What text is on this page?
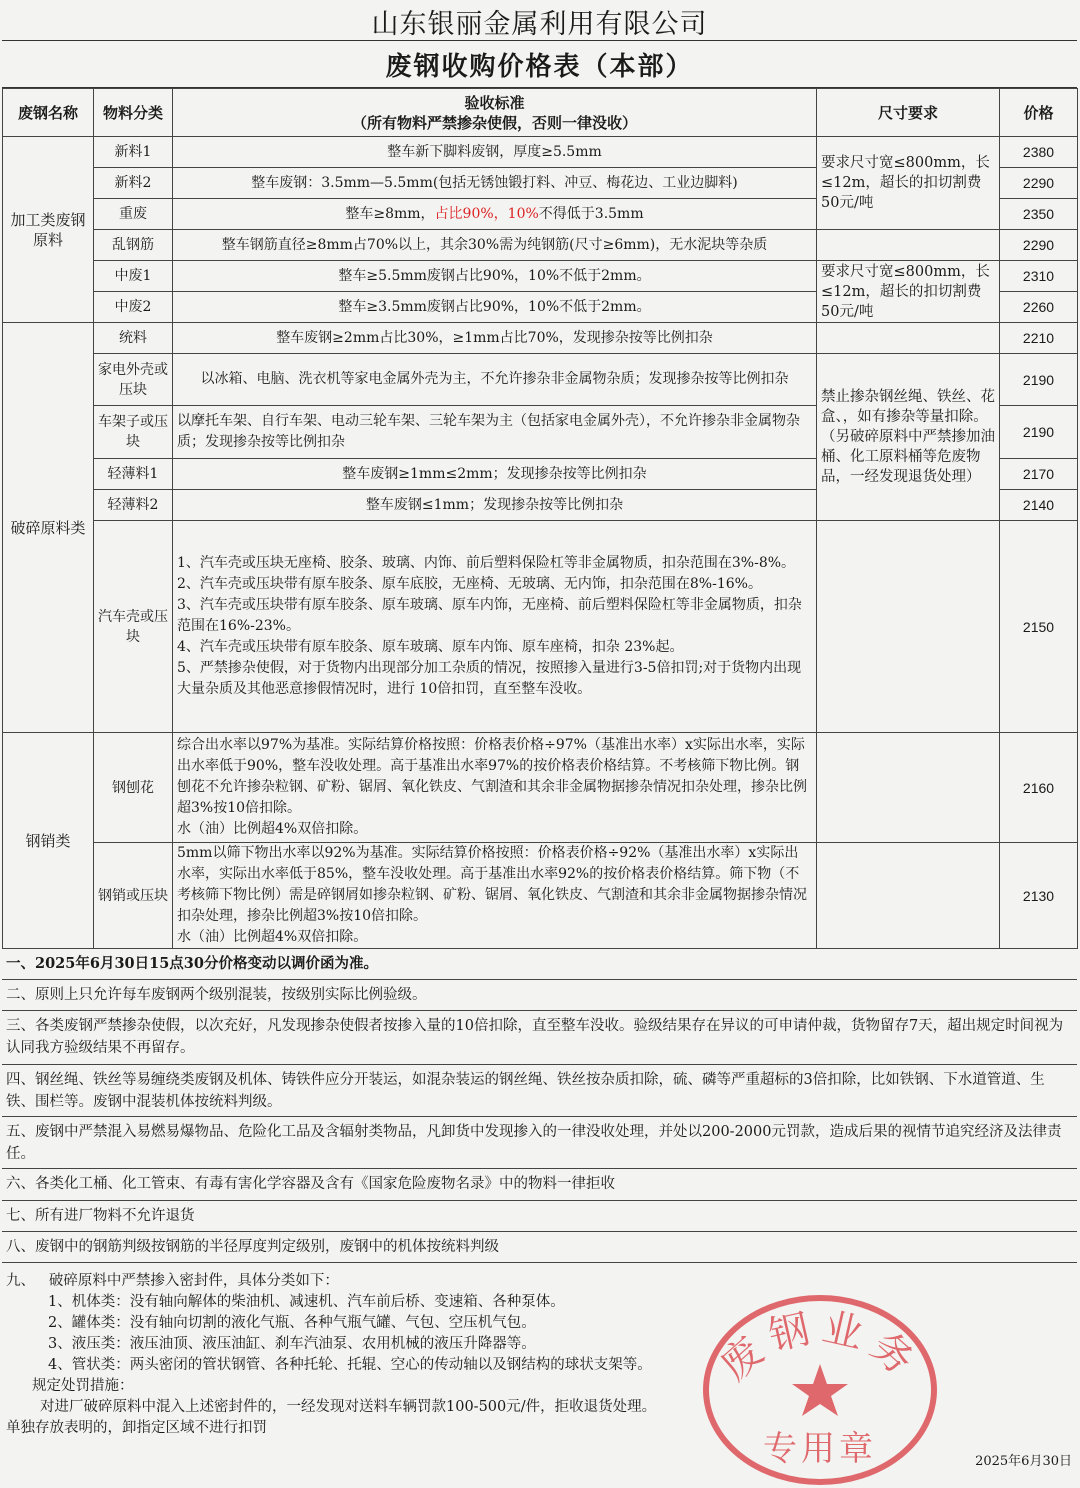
山东银丽金属利用有限公司
废钢收购价格表（本部）
废钢名称	物料分类	验收标准
（所有物料严禁掺杂使假，否则一律没收）	尺寸要求	价格
加工类废钢原料	新料1	整车新下脚料废钢，厚度≥5.5mm	要求尺寸宽≤800mm，长≤12m，超长的扣切割费50元/吨	2380
	新料2	整车废钢：3.5mm—5.5mm(包括无锈蚀锻打料、冲豆、梅花边、工业边脚料)		2290
	重废	整车≥8mm，占比90%，10%不得低于3.5mm		2350
	乱钢筋	整车钢筋直径≥8mm占70%以上，其余30%需为纯钢筋(尺寸≥6mm)，无水泥块等杂质		2290
	中废1	整车≥5.5mm废钢占比90%，10%不低于2mm。	要求尺寸宽≤800mm，长≤12m，超长的扣切割费50元/吨	2310
	中废2	整车≥3.5mm废钢占比90%，10%不低于2mm。		2260
破碎原料类	统料	整车废钢≥2mm占比30%，≥1mm占比70%，发现掺杂按等比例扣杂		2210
	家电外壳或压块	以冰箱、电脑、洗衣机等家电金属外壳为主，不允许掺杂非金属物杂质；发现掺杂按等比例扣杂	禁止掺杂钢丝绳、铁丝、花盒、，如有掺杂等量扣除。（另破碎原料中严禁掺加油桶、化工原料桶等危废物品，一经发现退货处理）	2190
	车架子或压块	以摩托车架、自行车架、电动三轮车架、三轮车架为主（包括家电金属外壳），不允许掺杂非金属物杂质；发现掺杂按等比例扣杂		2190
	轻薄料1	整车废钢≥1mm≤2mm；发现掺杂按等比例扣杂		2170
	轻薄料2	整车废钢≤1mm；发现掺杂按等比例扣杂		2140
	汽车壳或压块	1、汽车壳或压块无座椅、胶条、玻璃、内饰、前后塑料保险杠等非金属物质，扣杂范围在3%-8%。
2、汽车壳或压块带有原车胶条、原车底胶，无座椅、无玻璃、无内饰，扣杂范围在8%-16%。
3、汽车壳或压块带有原车胶条、原车玻璃、原车内饰，无座椅、前后塑料保险杠等非金属物质，扣杂范围在16%-23%。
4、汽车壳或压块带有原车胶条、原车玻璃、原车内饰、原车座椅，扣杂 23%起。
5、严禁掺杂使假，对于货物内出现部分加工杂质的情况，按照掺入量进行3-5倍扣罚;对于货物内出现大量杂质及其他恶意掺假情况时，进行 10倍扣罚，直至整车没收。		2150
钢销类	钢刨花	综合出水率以97%为基准。实际结算价格按照：价格表价格÷97%（基准出水率）x实际出水率，实际出水率低于90%，整车没收处理。高于基准出水率97%的按价格表价格结算。不考核筛下物比例。钢刨花不允许掺杂粒钢、矿粉、锯屑、氧化铁皮、气割渣和其余非金属物据掺杂情况扣杂处理，掺杂比例超3%按10倍扣除。
水（油）比例超4%双倍扣除。		2160
	钢销或压块	5mm以筛下物出水率以92%为基准。实际结算价格按照：价格表价格÷92%（基准出水率）x实际出水率，实际出水率低于85%，整车没收处理。高于基准出水率92%的按价格表价格结算。筛下物（不考核筛下物比例）需是碎钢屑如掺杂粒钢、矿粉、锯屑、氧化铁皮、气割渣和其余非金属物据掺杂情况扣杂处理，掺杂比例超3%按10倍扣除。
水（油）比例超4%双倍扣除。		2130
一、2025年6月30日15点30分价格变动以调价函为准。
二、原则上只允许每车废钢两个级别混装，按级别实际比例验级。
三、各类废钢严禁掺杂使假，以次充好，凡发现掺杂使假者按掺入量的10倍扣除，直至整车没收。验级结果存在异议的可申请仲裁，货物留存7天，超出规定时间视为认同我方验级结果不再留存。
四、钢丝绳、铁丝等易缠绕类废钢及机体、铸铁件应分开装运，如混杂装运的钢丝绳、铁丝按杂质扣除，硫、磷等严重超标的3倍扣除，比如铁钢、下水道管道、生铁、围栏等。废钢中混装机体按统料判级。
五、废钢中严禁混入易燃易爆物品、危险化工品及含辐射类物品，凡卸货中发现掺入的一律没收处理，并处以200-2000元罚款，造成后果的视情节追究经济及法律责任。
六、各类化工桶、化工管束、有毒有害化学容器及含有《国家危险废物名录》中的物料一律拒收
七、所有进厂物料不允许退货
八、废钢中的钢筋判级按钢筋的半径厚度判定级别，废钢中的机体按统料判级
九、   破碎原料中严禁掺入密封件，具体分类如下：
1、机体类：没有轴向解体的柴油机、减速机、汽车前后桥、变速箱、各种泵体。
2、罐体类：没有轴向切割的液化气瓶、各种气瓶气罐、气包、空压机气包。
3、液压类：液压油顶、液压油缸、刹车汽油泵、农用机械的液压升降器等。
4、管状类：两头密闭的管状钢管、各种托轮、托辊、空心的传动轴以及钢结构的球状支架等。
规定处罚措施：
对进厂破碎原料中混入上述密封件的，一经发现对送料车辆罚款100-500元/件，拒收退货处理。
单独存放表明的，卸指定区域不进行扣罚
废钢业务
专用章	2025年6月30日
